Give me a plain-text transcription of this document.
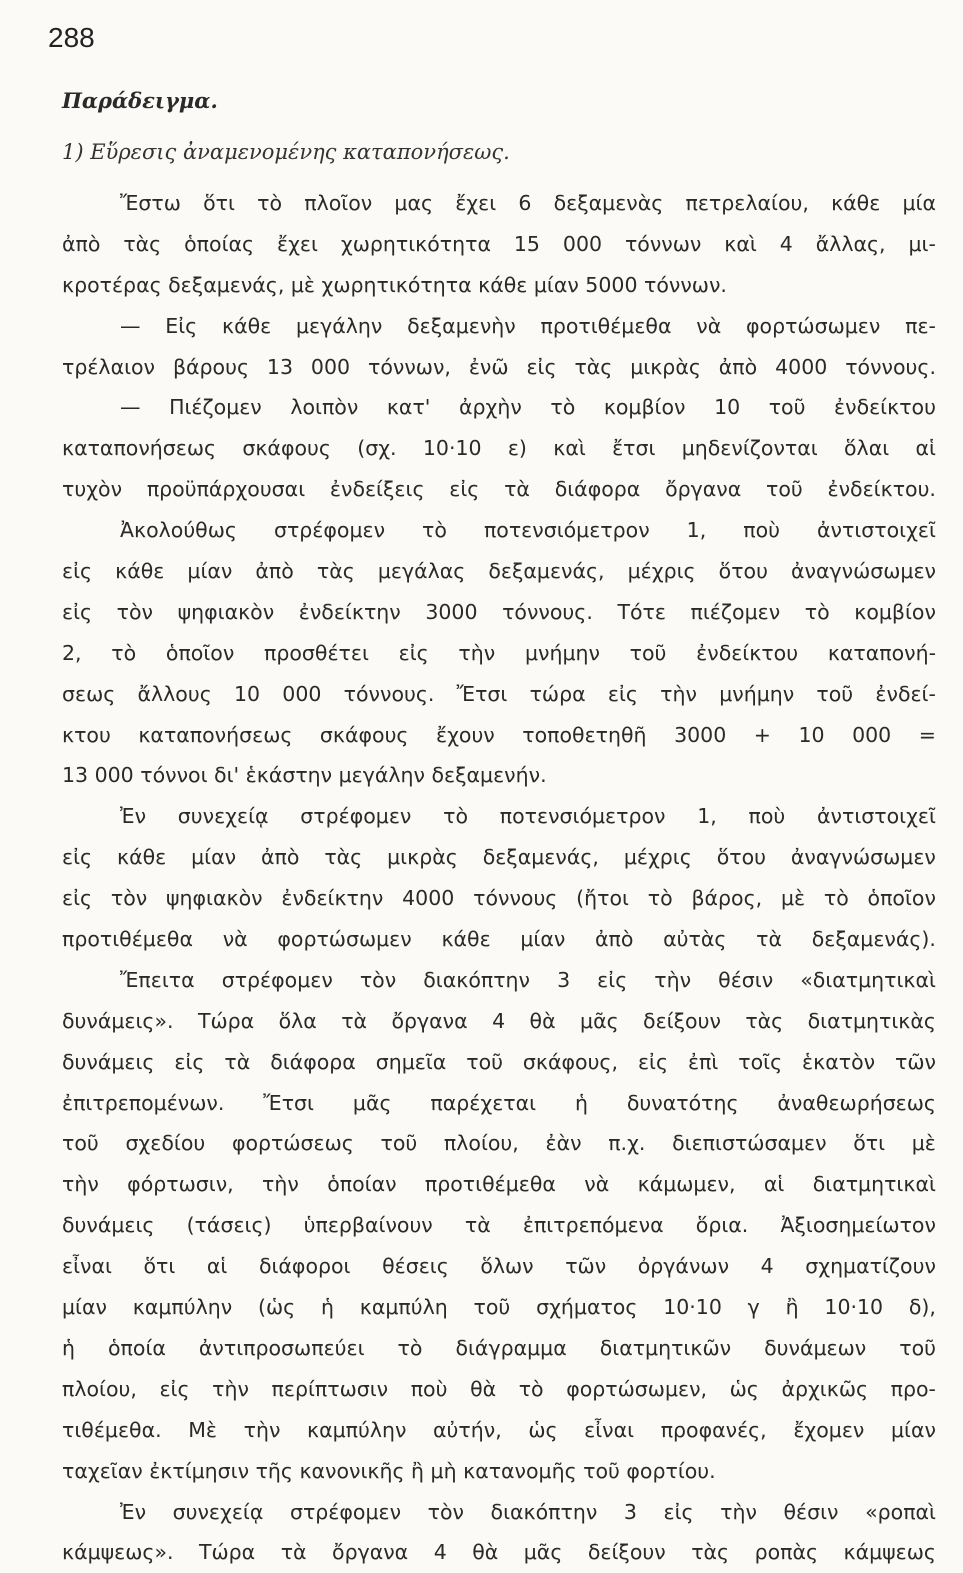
288
Παράδειγμα.
1) Εὕρεσις ἀναμενομένης καταπονήσεως.
Ἔστω ὅτι τὸ πλοῖον μας ἔχει 6 δεξαμενὰς πετρελαίου, κάθε μία
ἀπὸ τὰς ὁποίας ἔχει χωρητικότητα 15 000 τόννων καὶ 4 ἄλλας, μι-
κροτέρας δεξαμενάς, μὲ χωρητικότητα κάθε μίαν 5000 τόννων.
— Εἰς κάθε μεγάλην δεξαμενὴν προτιθέμεθα νὰ φορτώσωμεν πε-
τρέλαιον βάρους 13 000 τόννων, ἐνῶ εἰς τὰς μικρὰς ἀπὸ 4000 τόννους.
— Πιέζομεν λοιπὸν κατ' ἀρχὴν τὸ κομβίον 10 τοῦ ἐνδείκτου
καταπονήσεως σκάφους (σχ. 10·10 ε) καὶ ἔτσι μηδενίζονται ὅλαι αἱ
τυχὸν προϋπάρχουσαι ἐνδείξεις εἰς τὰ διάφορα ὄργανα τοῦ ἐνδείκτου.
Ἀκολούθως στρέφομεν τὸ ποτενσιόμετρον 1, ποὺ ἀντιστοιχεῖ
εἰς κάθε μίαν ἀπὸ τὰς μεγάλας δεξαμενάς, μέχρις ὅτου ἀναγνώσωμεν
εἰς τὸν ψηφιακὸν ἐνδείκτην 3000 τόννους. Τότε πιέζομεν τὸ κομβίον
2, τὸ ὁποῖον προσθέτει εἰς τὴν μνήμην τοῦ ἐνδείκτου καταπονή-
σεως ἄλλους 10 000 τόννους. Ἔτσι τώρα εἰς τὴν μνήμην τοῦ ἐνδεί-
κτου καταπονήσεως σκάφους ἔχουν τοποθετηθῆ 3000 + 10 000 =
13 000 τόννοι δι' ἑκάστην μεγάλην δεξαμενήν.
Ἐν συνεχείᾳ στρέφομεν τὸ ποτενσιόμετρον 1, ποὺ ἀντιστοιχεῖ
εἰς κάθε μίαν ἀπὸ τὰς μικρὰς δεξαμενάς, μέχρις ὅτου ἀναγνώσωμεν
εἰς τὸν ψηφιακὸν ἐνδείκτην 4000 τόννους (ἤτοι τὸ βάρος, μὲ τὸ ὁποῖον
προτιθέμεθα νὰ φορτώσωμεν κάθε μίαν ἀπὸ αὐτὰς τὰ δεξαμενάς).
Ἔπειτα στρέφομεν τὸν διακόπτην 3 εἰς τὴν θέσιν «διατμητικαὶ
δυνάμεις». Τώρα ὅλα τὰ ὄργανα 4 θὰ μᾶς δείξουν τὰς διατμητικὰς
δυνάμεις εἰς τὰ διάφορα σημεῖα τοῦ σκάφους, εἰς ἐπὶ τοῖς ἑκατὸν τῶν
ἐπιτρεπομένων. Ἔτσι μᾶς παρέχεται ἡ δυνατότης ἀναθεωρήσεως
τοῦ σχεδίου φορτώσεως τοῦ πλοίου, ἐὰν π.χ. διεπιστώσαμεν ὅτι μὲ
τὴν φόρτωσιν, τὴν ὁποίαν προτιθέμεθα νὰ κάμωμεν, αἱ διατμητικαὶ
δυνάμεις (τάσεις) ὑπερβαίνουν τὰ ἐπιτρεπόμενα ὅρια. Ἀξιοσημείωτον
εἶναι ὅτι αἱ διάφοροι θέσεις ὅλων τῶν ὀργάνων 4 σχηματίζουν
μίαν καμπύλην (ὡς ἡ καμπύλη τοῦ σχήματος 10·10 γ ἢ 10·10 δ),
ἡ ὁποία ἀντιπροσωπεύει τὸ διάγραμμα διατμητικῶν δυνάμεων τοῦ
πλοίου, εἰς τὴν περίπτωσιν ποὺ θὰ τὸ φορτώσωμεν, ὡς ἀρχικῶς προ-
τιθέμεθα. Μὲ τὴν καμπύλην αὐτήν, ὡς εἶναι προφανές, ἔχομεν μίαν
ταχεῖαν ἐκτίμησιν τῆς κανονικῆς ἢ μὴ κατανομῆς τοῦ φορτίου.
Ἐν συνεχείᾳ στρέφομεν τὸν διακόπτην 3 εἰς τὴν θέσιν «ροπαὶ
κάμψεως». Τώρα τὰ ὄργανα 4 θὰ μᾶς δείξουν τὰς ροπὰς κάμψεως
